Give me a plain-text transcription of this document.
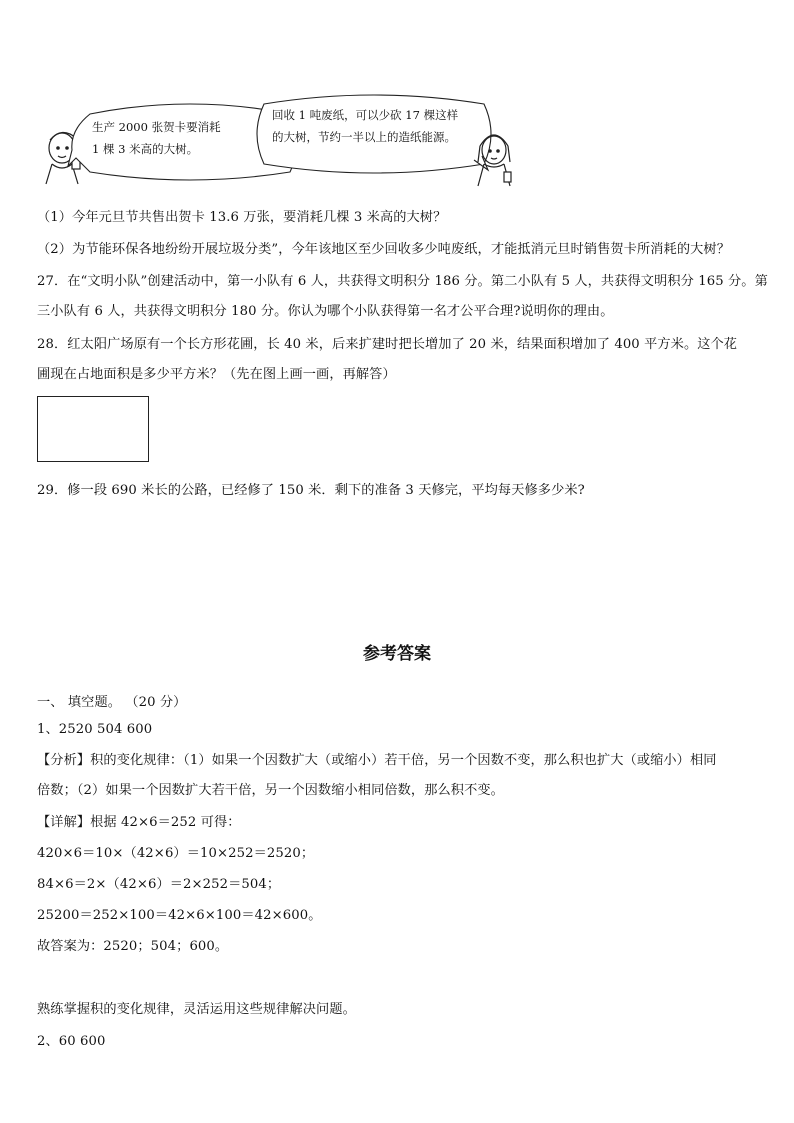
生产 2000 张贺卡要消耗
1 棵 3 米高的大树。
回收 1 吨废纸，可以少砍 17 棵这样
的大树，节约一半以上的造纸能源。
（1）今年元旦节共售出贺卡 13.6 万张，要消耗几棵 3 米高的大树？
（2）为节能环保各地纷纷开展垃圾分类”，今年该地区至少回收多少吨废纸，才能抵消元旦时销售贺卡所消耗的大树？
27．在“文明小队”创建活动中，第一小队有 6 人，共获得文明积分 186 分。第二小队有 5 人，共获得文明积分 165 分。第
三小队有 6 人，共获得文明积分 180 分。你认为哪个小队获得第一名才公平合理?说明你的理由。
28．红太阳广场原有一个长方形花圃，长 40 米，后来扩建时把长增加了 20 米，结果面积增加了 400 平方米。这个花
圃现在占地面积是多少平方米？（先在图上画一画，再解答）
29．修一段 690 米长的公路，已经修了 150 米．剩下的准备 3 天修完，平均每天修多少米?
参考答案
一、 填空题。 （20 分）
1、2520 504 600
【分析】积的变化规律：（1）如果一个因数扩大（或缩小）若干倍，另一个因数不变，那么积也扩大（或缩小）相同
倍数；（2）如果一个因数扩大若干倍，另一个因数缩小相同倍数，那么积不变。
【详解】根据 42×6＝252 可得：
420×6＝10×（42×6）＝10×252＝2520；
84×6＝2×（42×6）＝2×252＝504；
25200＝252×100＝42×6×100＝42×600。
故答案为：2520；504；600。
熟练掌握积的变化规律，灵活运用这些规律解决问题。
2、60 600
